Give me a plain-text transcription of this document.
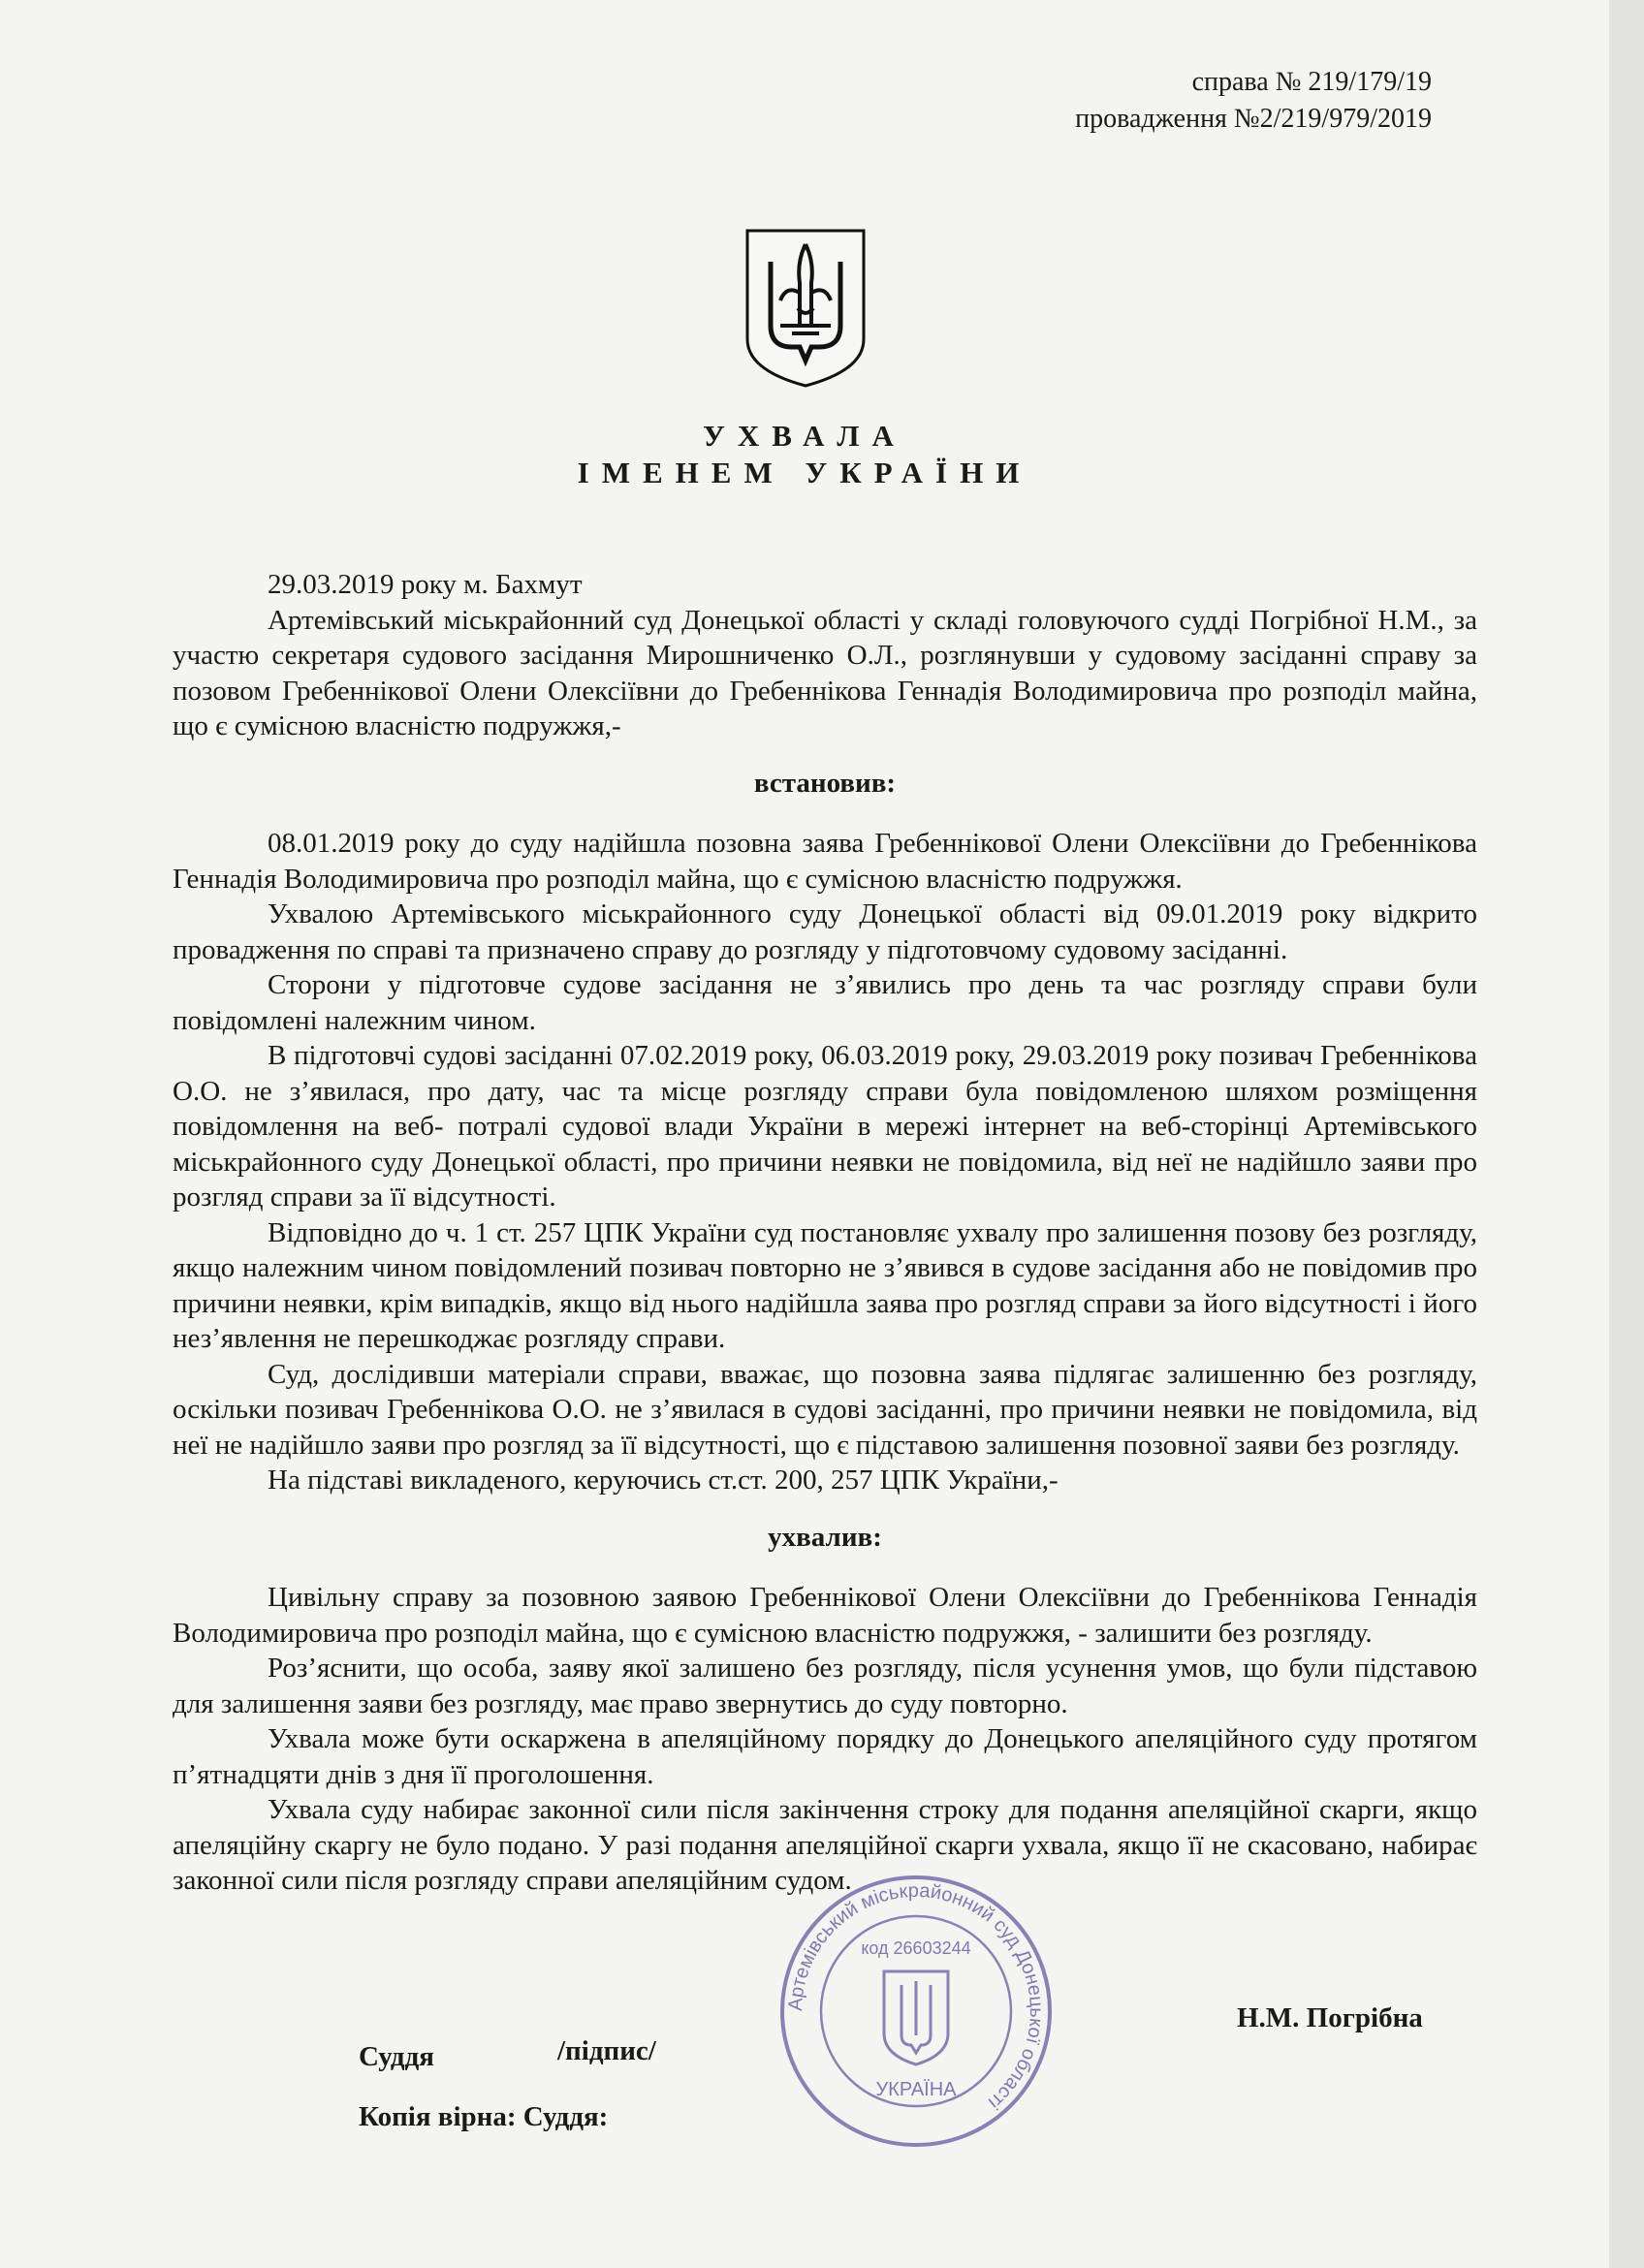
справа № 219/179/19
провадження №2/219/979/2019
УХВАЛА
ІМЕНЕМ УКРАЇНИ

29.03.2019 року м. Бахмут

Артемівський міськрайонний суд Донецької області у складі головуючого судді Погрібної Н.М., за участю секретаря судового засідання Мирошниченко О.Л., розглянувши у судовому засіданні справу за позовом Гребеннікової Олени Олексіївни до Гребеннікова Геннадія Володимировича про розподіл майна, що є сумісною власністю подружжя,-

встановив:

08.01.2019 року до суду надійшла позовна заява Гребеннікової Олени Олексіївни до Гребеннікова Геннадія Володимировича про розподіл майна, що є сумісною власністю подружжя.

Ухвалою Артемівського міськрайонного суду Донецької області від 09.01.2019 року відкрито провадження по справі та призначено справу до розгляду у підготовчому судовому засіданні.

Сторони у підготовче судове засідання не з’явились про день та час розгляду справи були повідомлені належним чином.

В підготовчі судові засіданні 07.02.2019 року, 06.03.2019 року, 29.03.2019 року позивач Гребеннікова О.О. не з’явилася, про дату, час та місце розгляду справи була повідомленою шляхом розміщення повідомлення на веб- потралі судової влади України в мережі інтернет на веб-сторінці Артемівського міськрайонного суду Донецької області, про причини неявки не повідомила, від неї не надійшло заяви про розгляд справи за її відсутності.

Відповідно до ч. 1 ст. 257 ЦПК України суд постановляє ухвалу про залишення позову без розгляду, якщо належним чином повідомлений позивач повторно не з’явився в судове засідання або не повідомив про причини неявки, крім випадків, якщо від нього надійшла заява про розгляд справи за його відсутності і його нез’явлення не перешкоджає розгляду справи.

Суд, дослідивши матеріали справи, вважає, що позовна заява підлягає залишенню без розгляду, оскільки позивач Гребеннікова О.О. не з’явилася в судові засіданні, про причини неявки не повідомила, від неї не надійшло заяви про розгляд за її відсутності, що є підставою залишення позовної заяви без розгляду.

На підставі викладеного, керуючись ст.ст. 200, 257 ЦПК України,-

ухвалив:

Цивільну справу за позовною заявою Гребеннікової Олени Олексіївни до Гребеннікова Геннадія Володимировича про розподіл майна, що є сумісною власністю подружжя, - залишити без розгляду.

Роз’яснити, що особа, заяву якої залишено без розгляду, після усунення умов, що були підставою для залишення заяви без розгляду, має право звернутись до суду повторно.

Ухвала може бути оскаржена в апеляційному порядку до Донецького апеляційного суду протягом п’ятнадцяти днів з дня її проголошення.

Ухвала суду набирає законної сили після закінчення строку для подання апеляційної скарги, якщо апеляційну скаргу не було подано. У разі подання апеляційної скарги ухвала, якщо її не скасовано, набирає законної сили після розгляду справи апеляційним судом.

Артемівський міськрайонний суд Донецької області
код 26603244
УКРАЇНА
Суддя	/підпис/
Н.М. Погрібна
Копія вірна: Суддя:
